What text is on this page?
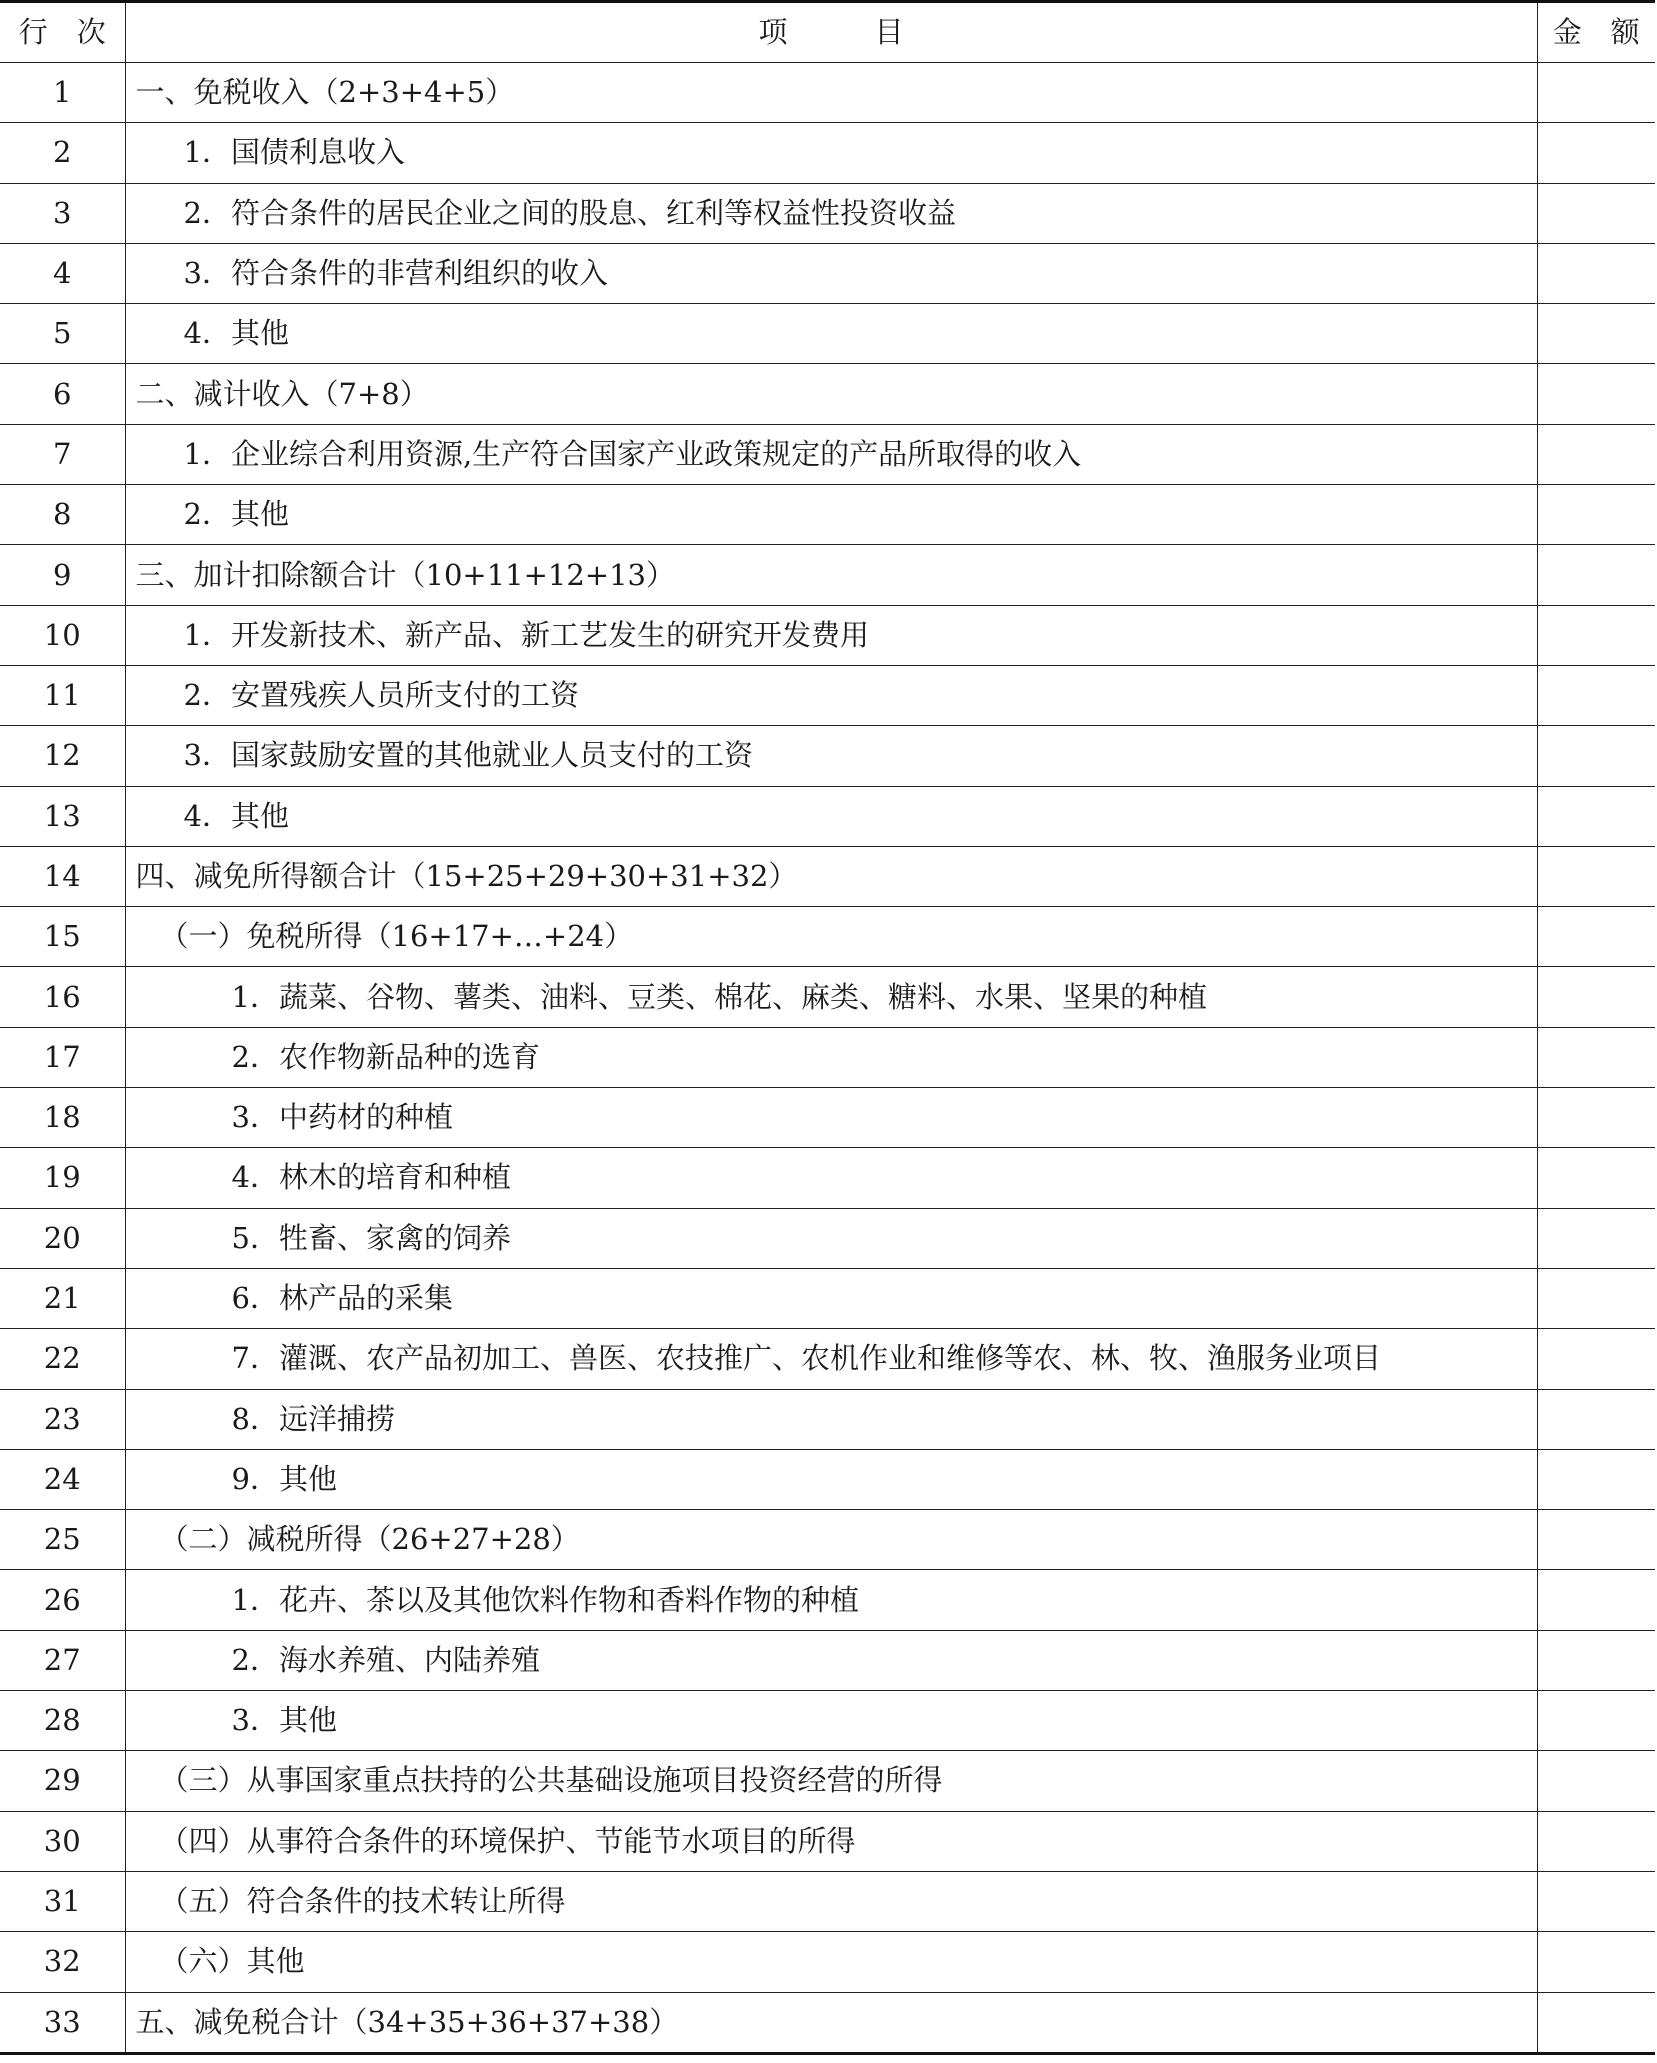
行　次	项　　　目	金　额
1	一、免税收入（2+3+4+5）	
2	1．国债利息收入	
3	2．符合条件的居民企业之间的股息、红利等权益性投资收益	
4	3．符合条件的非营利组织的收入	
5	4．其他	
6	二、减计收入（7+8）	
7	1．企业综合利用资源,生产符合国家产业政策规定的产品所取得的收入	
8	2．其他	
9	三、加计扣除额合计（10+11+12+13）	
10	1．开发新技术、新产品、新工艺发生的研究开发费用	
11	2．安置残疾人员所支付的工资	
12	3．国家鼓励安置的其他就业人员支付的工资	
13	4．其他	
14	四、减免所得额合计（15+25+29+30+31+32）	
15	（一）免税所得（16+17+…+24）	
16	1．蔬菜、谷物、薯类、油料、豆类、棉花、麻类、糖料、水果、坚果的种植	
17	2．农作物新品种的选育	
18	3．中药材的种植	
19	4．林木的培育和种植	
20	5．牲畜、家禽的饲养	
21	6．林产品的采集	
22	7．灌溉、农产品初加工、兽医、农技推广、农机作业和维修等农、林、牧、渔服务业项目	
23	8．远洋捕捞	
24	9．其他	
25	（二）减税所得（26+27+28）	
26	1．花卉、茶以及其他饮料作物和香料作物的种植	
27	2．海水养殖、内陆养殖	
28	3．其他	
29	（三）从事国家重点扶持的公共基础设施项目投资经营的所得	
30	（四）从事符合条件的环境保护、节能节水项目的所得	
31	（五）符合条件的技术转让所得	
32	（六）其他	
33	五、减免税合计（34+35+36+37+38）	
